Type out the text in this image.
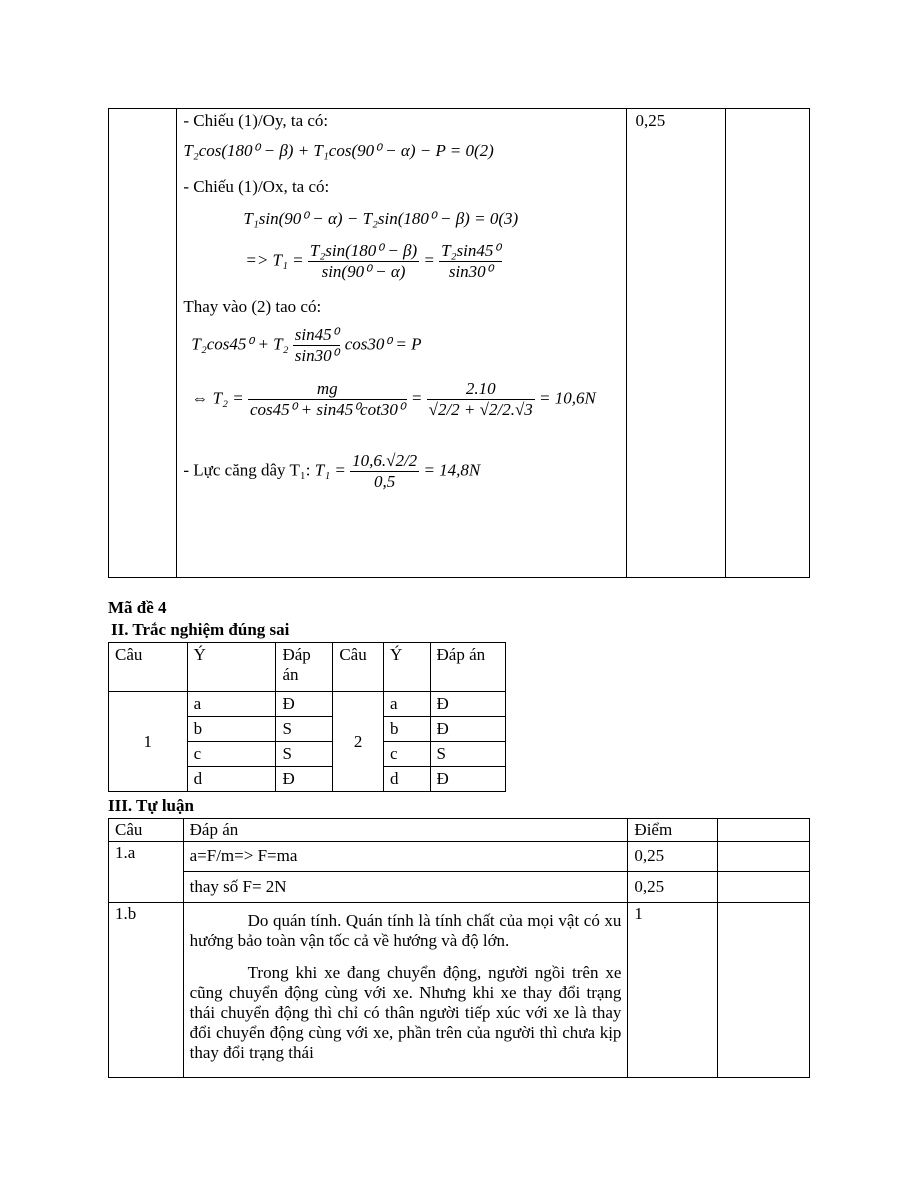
- Chiếu (1)/Oy, ta có:
T₂cos(180⁰ − β) + T₁cos(90⁰ − α) − P = 0(2)
- Chiếu (1)/Ox, ta có:
T₁sin(90⁰ − α) − T₂sin(180⁰ − β) = 0(3)
=> $T_1 = \frac{\text{T₂sin(180⁰ − β)}}{\text{sin(90⁰ − α)}} = \frac{\text{T₂sin45⁰}}{\text{sin30⁰}}$
Thay vào (2) tao có:
$T_2\cos 45^0 + T_2 \frac{\text{sin45⁰}}{\text{sin30⁰}} \cos 30^0 = P$
⇔ $T_2 = \frac{mg}{\text{cos45⁰ + sin45⁰cot30⁰}} = \frac{2.10}{√2/2 + √2/2.√3} = 10,6N$
- Lực căng dây T₁: $T_1 = \frac{10,6.√2/2}{0,5} = 14,8N$
	0,25	
Mã đề 4
II. Trắc nghiệm đúng sai
Câu	Ý	Đáp án	Câu	Ý	Đáp án
1	a	Đ	2	a	Đ
	b	S		b	Đ
	c	S		c	S
	d	Đ		d	Đ
III. Tự luận
Câu	Đáp án	Điểm	
1.a	a=F/m=> F=ma	0,25	
	thay số F= 2N	0,25	
1.b	Do quán tính. Quán tính là tính chất của mọi vật có xu hướng bảo toàn vận tốc cả về hướng và độ lớn.

Trong khi xe đang chuyển động, người ngồi trên xe cũng chuyển động cùng với xe. Nhưng khi xe thay đổi trạng thái chuyển động thì chỉ có thân người tiếp xúc với xe là thay đổi chuyển động cùng với xe, phần trên của người thì chưa kịp thay đổi trạng thái	1	
